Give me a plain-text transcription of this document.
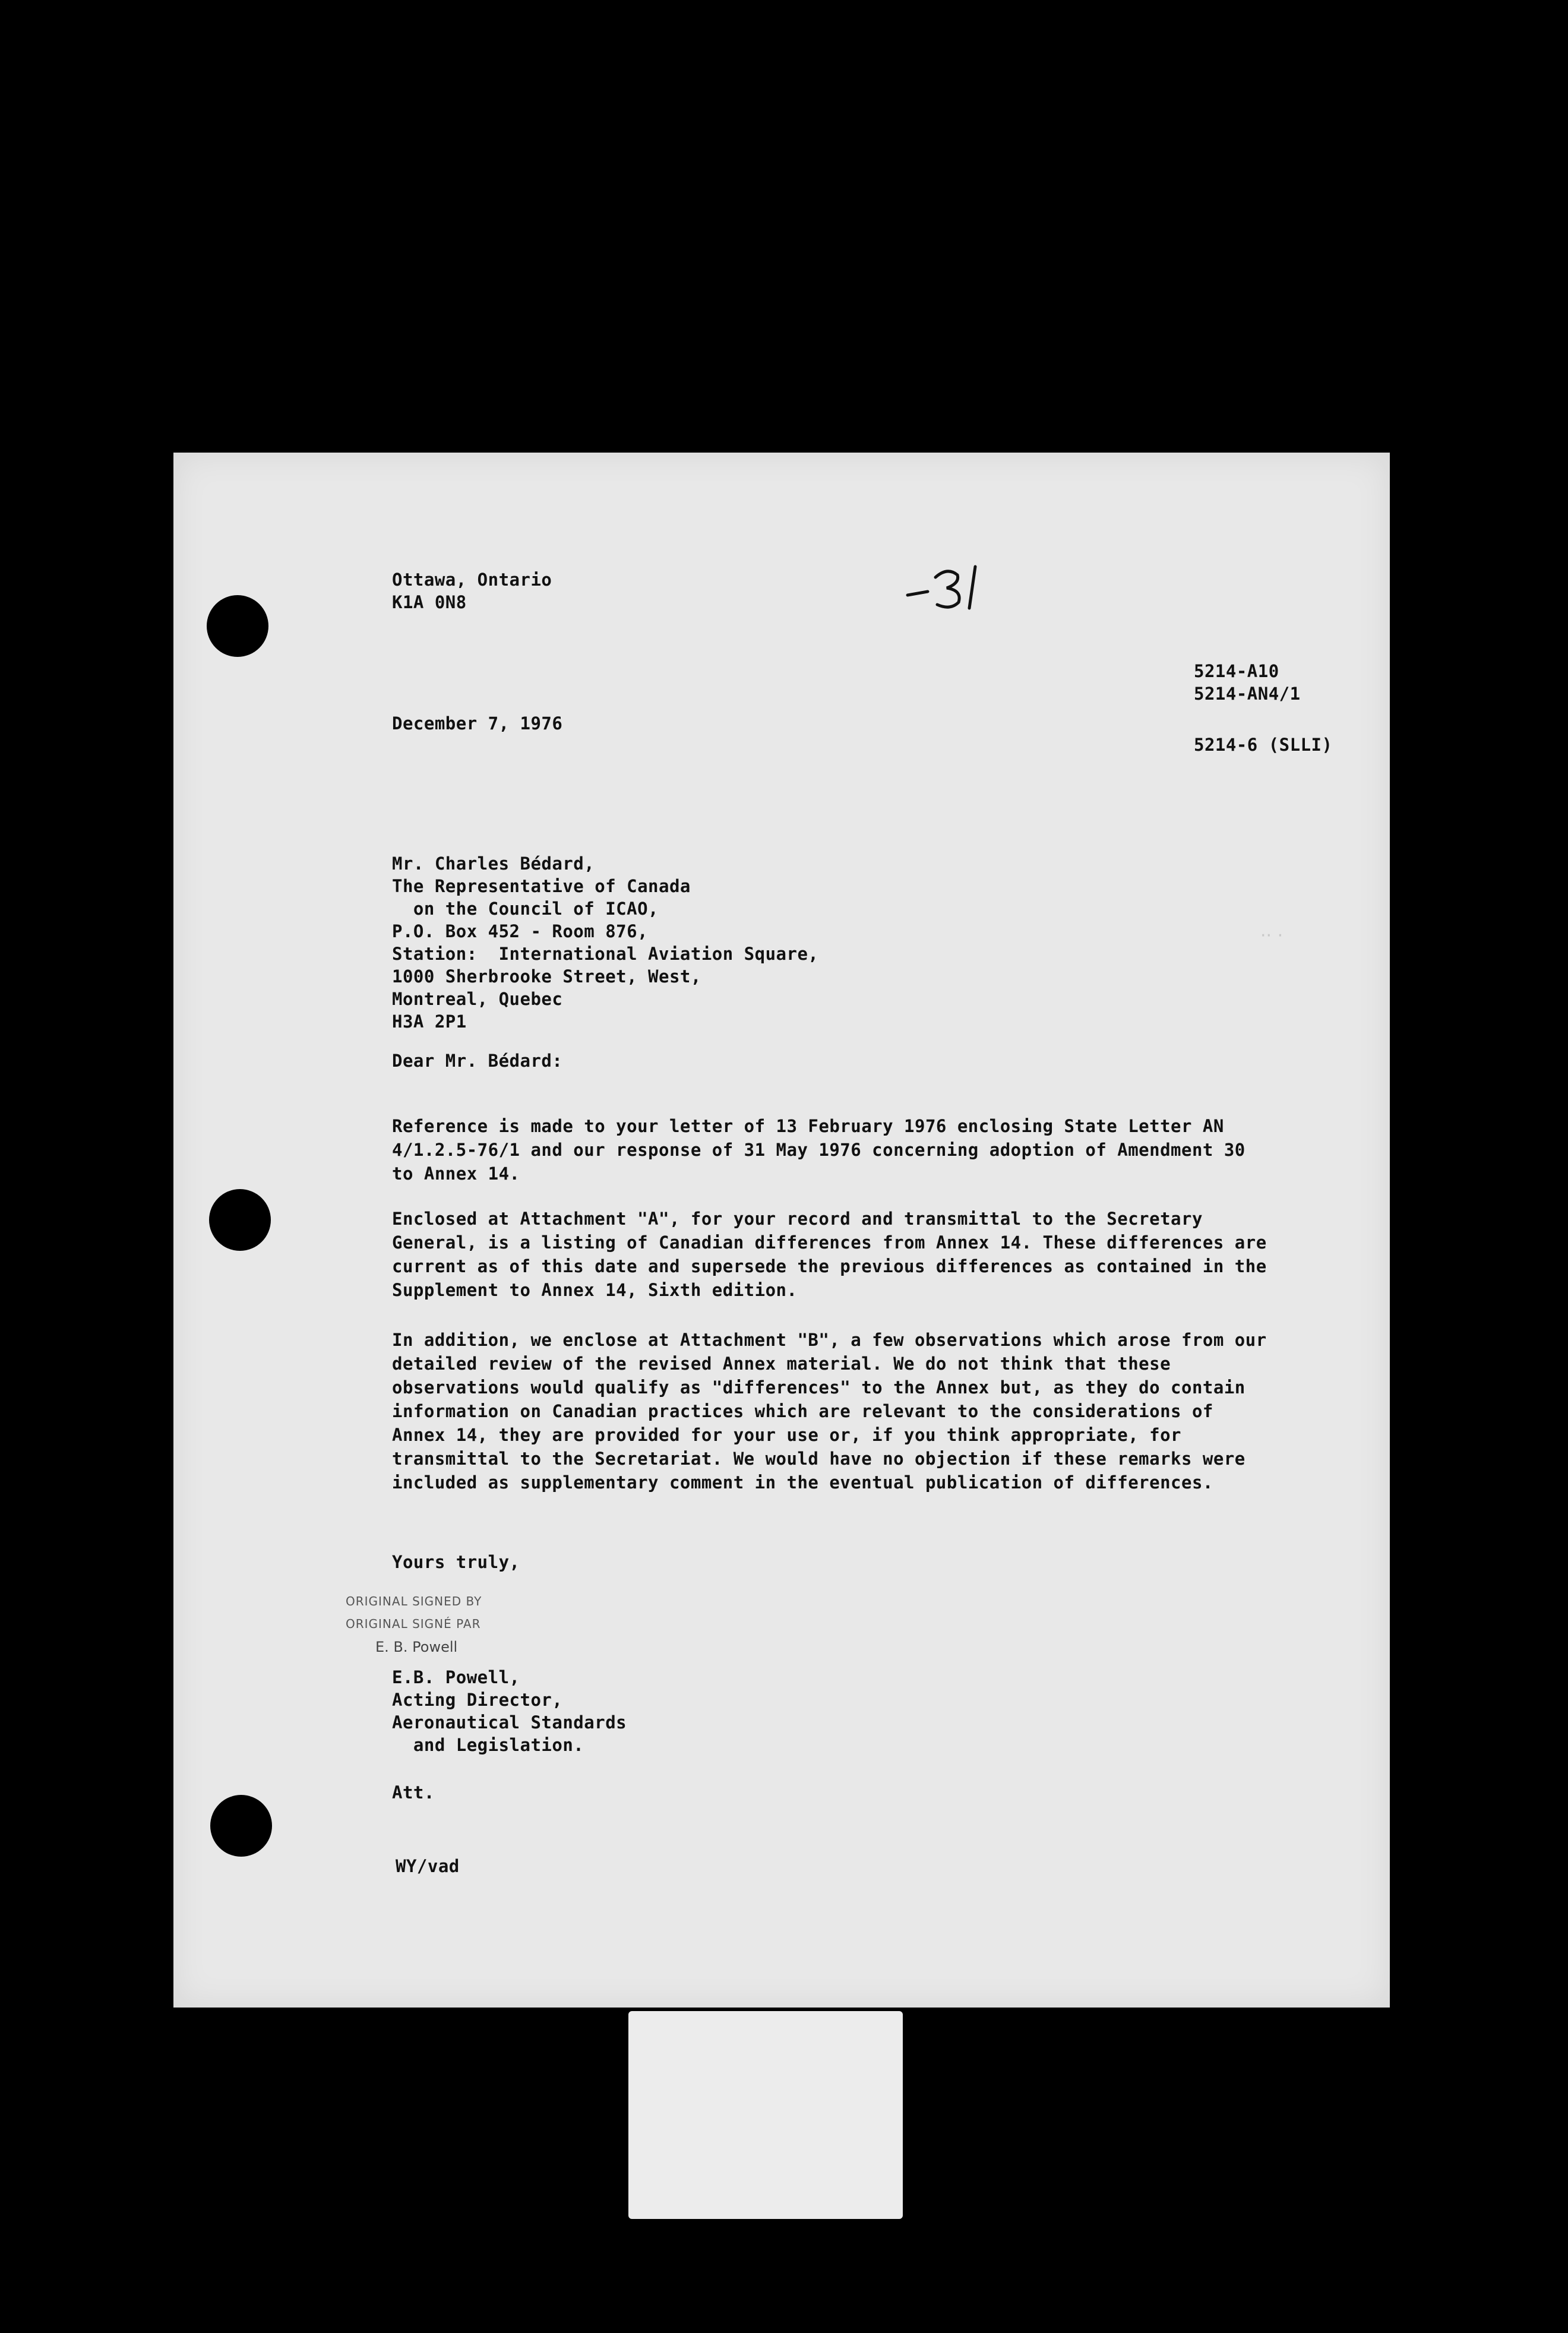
·· ·
Ottawa, Ontario
K1A 0N8
5214-A10
5214-AN4/1
5214-6 (SLLI)
December 7, 1976
Mr. Charles Bédard,
The Representative of Canada
on the Council of ICAO,
P.O. Box 452 - Room 876,
Station:  International Aviation Square,
1000 Sherbrooke Street, West,
Montreal, Quebec
H3A 2P1
Dear Mr. Bédard:
Reference is made to your letter of 13 February 1976 enclosing State Letter AN 4/1.2.5-76/1 and our response of 31 May 1976 concerning adoption of Amendment 30 to Annex 14.
Enclosed at Attachment "A", for your record and transmittal to the Secretary General, is a listing of Canadian differences from Annex 14. These differences are current as of this date and supersede the previous differences as contained in the Supplement to Annex 14, Sixth edition.
In addition, we enclose at Attachment "B", a few observations which arose from our detailed review of the revised Annex material. We do not think that these observations would qualify as "differences" to the Annex but, as they do contain information on Canadian practices which are relevant to the considerations of Annex 14, they are provided for your use or, if you think appropriate, for transmittal to the Secretariat. We would have no objection if these remarks were included as supplementary comment in the eventual publication of differences.
Yours truly,
ORIGINAL SIGNED BY
ORIGINAL SIGNÉ PAR
E. B. Powell
E.B. Powell,
Acting Director,
Aeronautical Standards
and Legislation.
Att.
WY/vad
